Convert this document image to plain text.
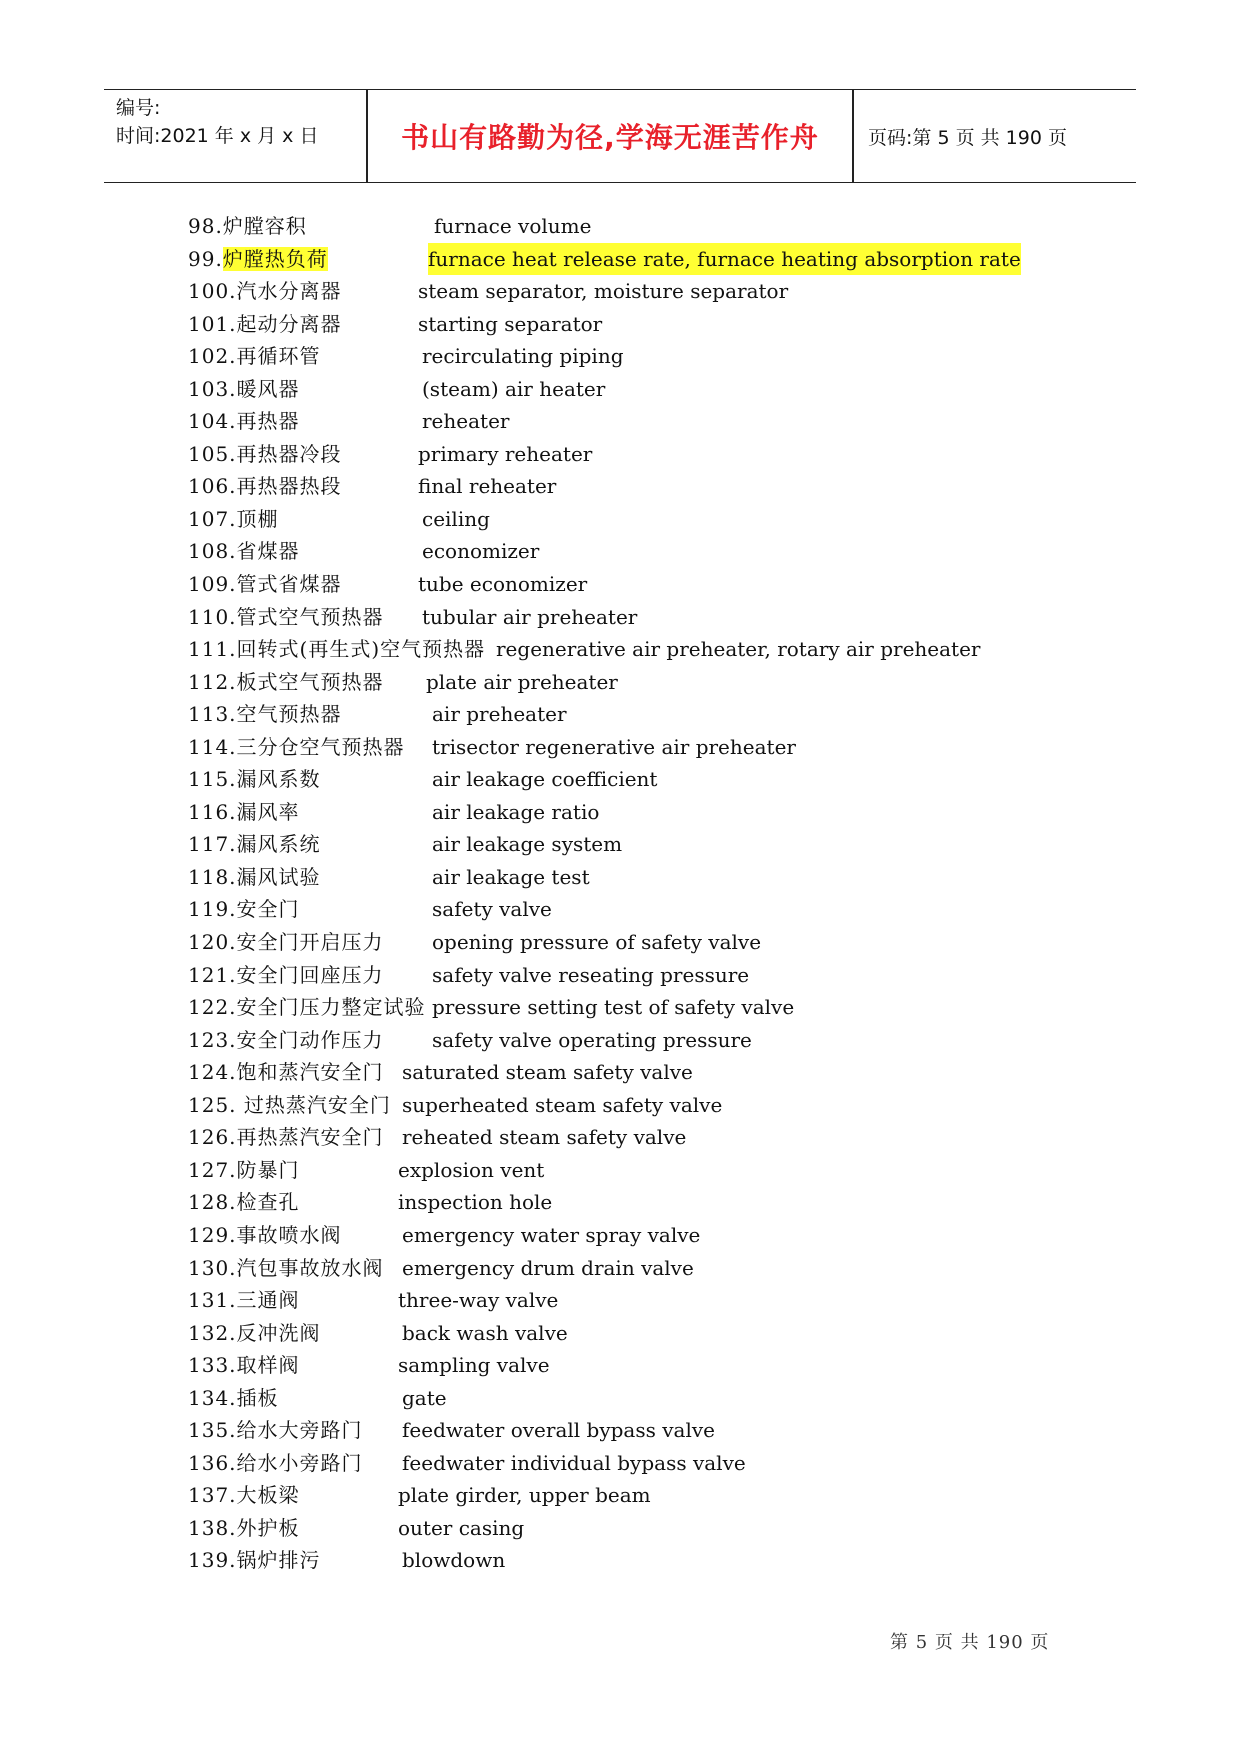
编号:
时间:2021 年 x 月 x 日	书山有路勤为径,学海无涯苦作舟	页码:第 5 页 共 190 页
98.炉膛容积	furnace volume
99.炉膛热负荷	furnace heat release rate, furnace heating absorption rate
100.汽水分离器	steam separator, moisture separator
101.起动分离器	starting separator
102.再循环管	recirculating piping
103.暖风器	(steam) air heater
104.再热器	reheater
105.再热器冷段	primary reheater
106.再热器热段	final reheater
107.顶棚	ceiling
108.省煤器	economizer
109.管式省煤器	tube economizer
110.管式空气预热器 tubular air preheater
111.回转式(再生式)空气预热器 regenerative air preheater, rotary air preheater
112.板式空气预热器 plate air preheater
113.空气预热器	air preheater
114.三分仓空气预热器 trisector regenerative air preheater
115.漏风系数	air leakage coefficient
116.漏风率	air leakage ratio
117.漏风系统	air leakage system
118.漏风试验	air leakage test
119.安全门	safety valve
120.安全门开启压力 opening pressure of safety valve
121.安全门回座压力 safety valve reseating pressure
122.安全门压力整定试验 pressure setting test of safety valve
123.安全门动作压力 safety valve operating pressure
124.饱和蒸汽安全门 saturated steam safety valve
125. 过热蒸汽安全门 superheated steam safety valve
126.再热蒸汽安全门 reheated steam safety valve
127.防暴门	explosion vent
128.检查孔	inspection hole
129.事故喷水阀	emergency water spray valve
130.汽包事故放水阀 emergency drum drain valve
131.三通阀	three-way valve
132.反冲洗阀	back wash valve
133.取样阀	sampling valve
134.插板	gate
135.给水大旁路门 feedwater overall bypass valve
136.给水小旁路门 feedwater individual bypass valve
137.大板梁	plate girder, upper beam
138.外护板	outer casing
139.锅炉排污	blowdown
第 5 页 共 190 页
